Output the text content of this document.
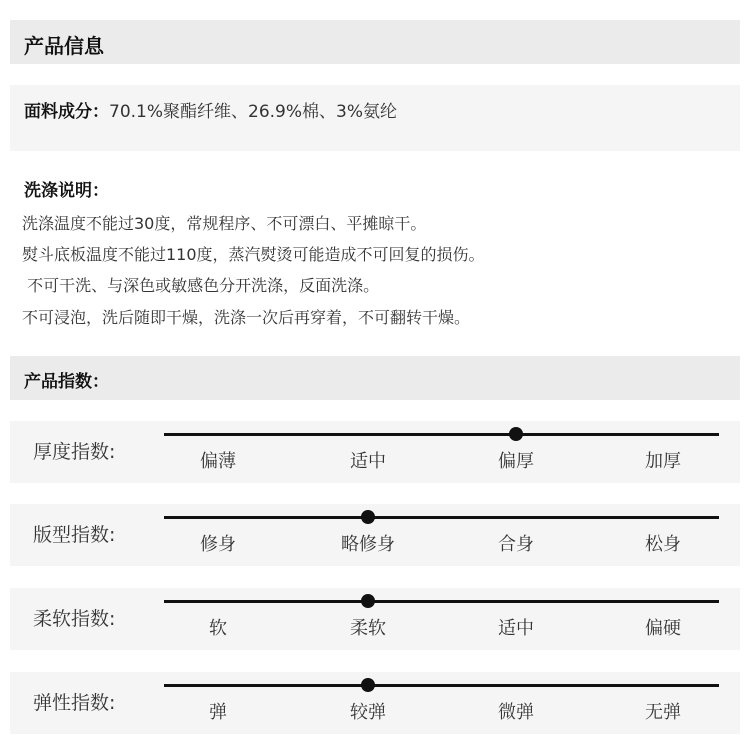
产品信息
面料成分：70.1%聚酯纤维、26.9%棉、3%氨纶
洗涤说明：
洗涤温度不能过30度，常规程序、不可漂白、平摊晾干。
熨斗底板温度不能过110度，蒸汽熨烫可能造成不可回复的损伤。
不可干洗、与深色或敏感色分开洗涤，反面洗涤。
不可浸泡，洗后随即干燥，洗涤一次后再穿着，不可翻转干燥。
产品指数：
厚度指数:	偏薄	适中	偏厚	加厚
版型指数:	修身	略修身	合身	松身
柔软指数:	软	柔软	适中	偏硬
弹性指数:	弹	较弹	微弹	无弹
